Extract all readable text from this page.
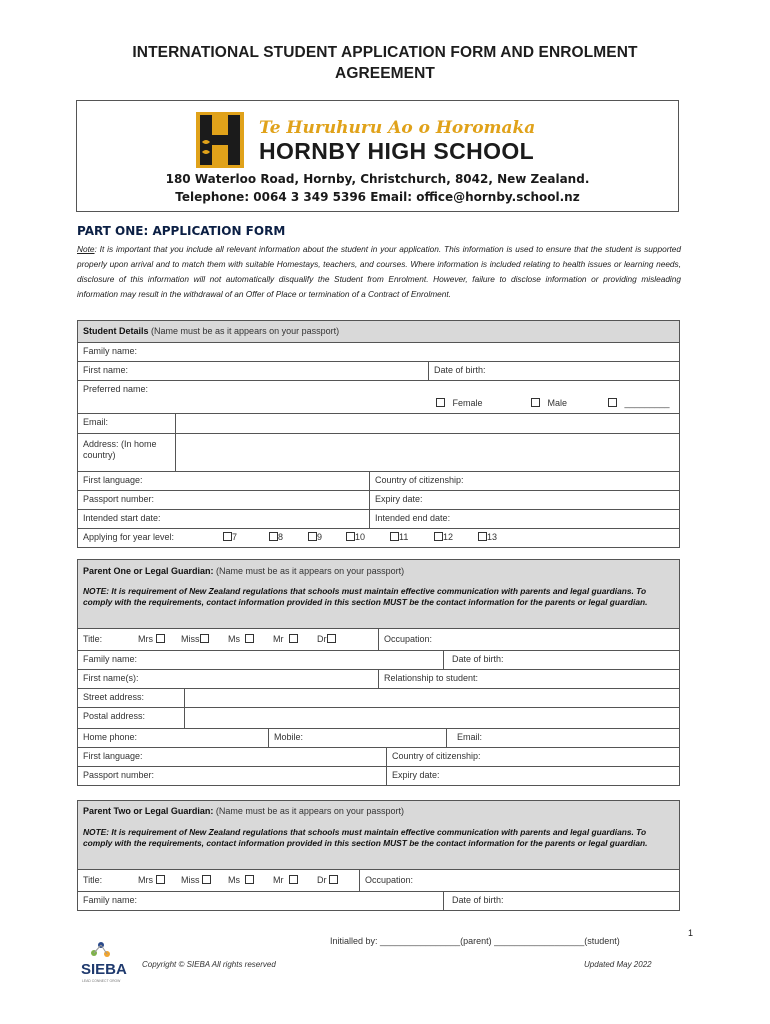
INTERNATIONAL STUDENT APPLICATION FORM AND ENROLMENT
AGREEMENT
Te Huruhuru Ao o Horomaka
HORNBY HIGH SCHOOL
180 Waterloo Road, Hornby, Christchurch, 8042, New Zealand.
Telephone: 0064 3 349 5396 Email: office@hornby.school.nz
PART ONE: APPLICATION FORM
Note: It is important that you include all relevant information about the student in your application. This information is used to ensure that the student is supported properly upon arrival and to match them with suitable Homestays, teachers, and courses. Where information is included relating to health issues or learning needs, disclosure of this information will not automatically disqualify the Student from Enrolment. However, failure to disclose information or providing misleading information may result in the withdrawal of an Offer of Place or termination of a Contract of Enrolment.
Student Details (Name must be as it appears on your passport)
Family name:
First name:	Date of birth:
Preferred name:
Female	Male	_________
Email:
Address: (In home country)
First language:	Country of citizenship:
Passport number:	Expiry date:
Intended start date:	Intended end date:
Applying for year level:	7	8	9	10	11	12	13
Parent One or Legal Guardian: (Name must be as it appears on your passport)
NOTE: It is requirement of New Zealand regulations that schools must maintain effective communication with parents and legal guardians. To comply with the requirements, contact information provided in this section MUST be the contact information for the parents or legal guardian.
Title:	Mrs	Miss	Ms	Mr	Dr	Occupation:
Family name:	Date of birth:
First name(s):	Relationship to student:
Street address:
Postal address:
Home phone:	Mobile:	Email:
First language:	Country of citizenship:
Passport number:	Expiry date:
Parent Two or Legal Guardian: (Name must be as it appears on your passport)
NOTE: It is requirement of New Zealand regulations that schools must maintain effective communication with parents and legal guardians. To comply with the requirements, contact information provided in this section MUST be the contact information for the parents or legal guardian.
Title:	Mrs	Miss	Ms	Mr	Dr	Occupation:
Family name:	Date of birth:
1
Initialled by: ________________(parent) __________________(student)
SIEBA
LEAD CONNECT GROW
Copyright © SIEBA All rights reserved	Updated May 2022
